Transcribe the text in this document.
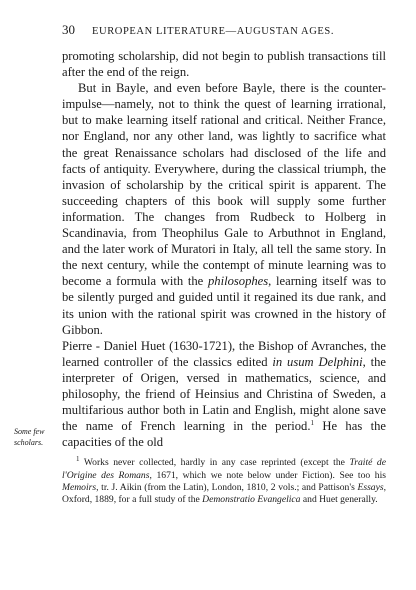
30	EUROPEAN LITERATURE—AUGUSTAN AGES.

promoting scholarship, did not begin to publish transactions till after the end of the reign.

But in Bayle, and even before Bayle, there is the counter-impulse—namely, not to think the quest of learning irrational, but to make learning itself rational and critical. Neither France, nor England, nor any other land, was lightly to sacrifice what the great Renaissance scholars had disclosed of the life and facts of antiquity. Everywhere, during the classical triumph, the invasion of scholarship by the critical spirit is apparent. The succeeding chapters of this book will supply some further information. The changes from Rudbeck to Holberg in Scandinavia, from Theophilus Gale to Arbuthnot in England, and the later work of Muratori in Italy, all tell the same story. In the next century, while the contempt of minute learning was to become a formula with the philosophes, learning itself was to be silently purged and guided until it regained its due rank, and its union with the rational spirit was crowned in the history of Gibbon.

Pierre - Daniel Huet (1630-1721), the Bishop of Avranches, the learned controller of the classics edited in usum Delphini, the interpreter of Origen, versed in mathematics, science, and philosophy, the friend of Heinsius and Christina of Sweden, a multifarious author both in Latin and English, might alone save the name of French learning in the period.$^1$ He has the capacities of the old

$^1$ Works never collected, hardly in any case reprinted (except the Traité de l'Origine des Romans, 1671, which we note below under Fiction). See too his Memoirs, tr. J. Aikin (from the Latin), London, 1810, 2 vols.; and Pattison's Essays, Oxford, 1889, for a full study of the Demonstratio Evangelica and Huet generally.

Some few scholars.
